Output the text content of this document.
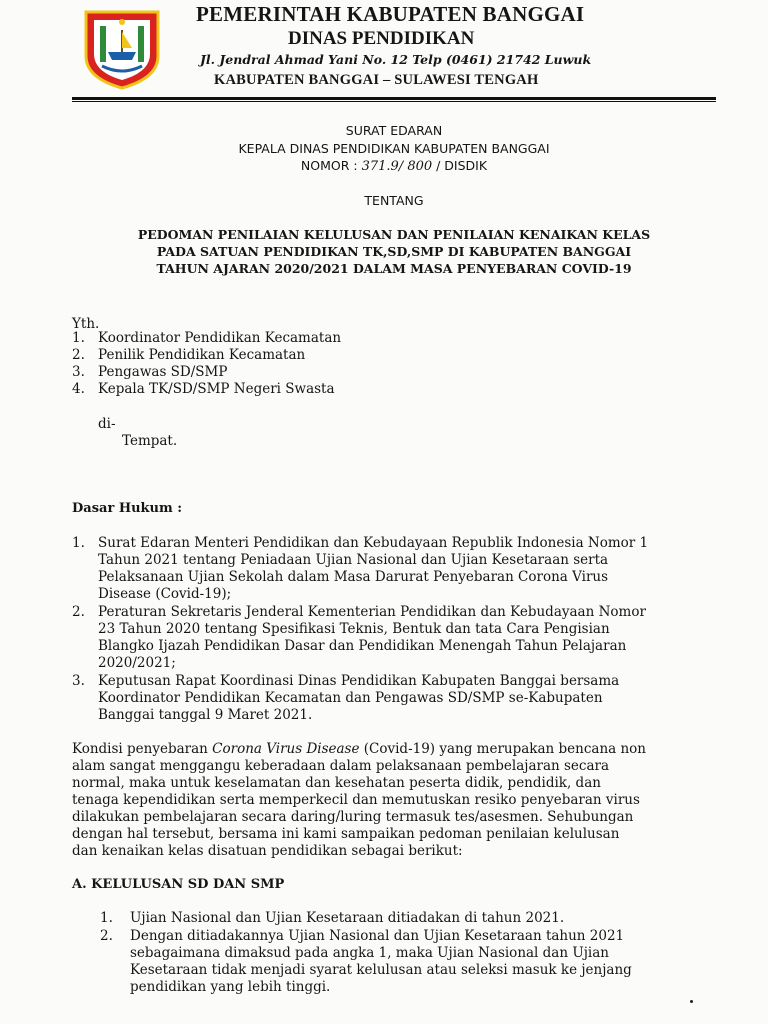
PEMERINTAH KABUPATEN BANGGAI
DINAS PENDIDIKAN
Jl. Jendral Ahmad Yani No. 12 Telp (0461) 21742 Luwuk
KABUPATEN BANGGAI – SULAWESI TENGAH
SURAT EDARAN
KEPALA DINAS PENDIDIKAN KABUPATEN BANGGAI
NOMOR : 371.9/ 800 / DISDIK
TENTANG
PEDOMAN PENILAIAN KELULUSAN DAN PENILAIAN KENAIKAN KELAS
PADA SATUAN PENDIDIKAN TK,SD,SMP DI KABUPATEN BANGGAI
TAHUN AJARAN 2020/2021 DALAM MASA PENYEBARAN COVID-19
Yth.
1. Koordinator Pendidikan Kecamatan
2. Penilik Pendidikan Kecamatan
3. Pengawas SD/SMP
4. Kepala TK/SD/SMP Negeri Swasta
di-
Tempat.
Dasar Hukum :
1. Surat Edaran Menteri Pendidikan dan Kebudayaan Republik Indonesia Nomor 1
Tahun 2021 tentang Peniadaan Ujian Nasional dan Ujian Kesetaraan serta
Pelaksanaan Ujian Sekolah dalam Masa Darurat Penyebaran Corona Virus
Disease (Covid-19);
2. Peraturan Sekretaris Jenderal Kementerian Pendidikan dan Kebudayaan Nomor
23 Tahun 2020 tentang Spesifikasi Teknis, Bentuk dan tata Cara Pengisian
Blangko Ijazah Pendidikan Dasar dan Pendidikan Menengah Tahun Pelajaran
2020/2021;
3. Keputusan Rapat Koordinasi Dinas Pendidikan Kabupaten Banggai bersama
Koordinator Pendidikan Kecamatan dan Pengawas SD/SMP se-Kabupaten
Banggai tanggal 9 Maret 2021.
Kondisi penyebaran Corona Virus Disease (Covid-19) yang merupakan bencana non
alam sangat menggangu keberadaan dalam pelaksanaan pembelajaran secara
normal, maka untuk keselamatan dan kesehatan peserta didik, pendidik, dan
tenaga kependidikan serta memperkecil dan memutuskan resiko penyebaran virus
dilakukan pembelajaran secara daring/luring termasuk tes/asesmen. Sehubungan
dengan hal tersebut, bersama ini kami sampaikan pedoman penilaian kelulusan
dan kenaikan kelas disatuan pendidikan sebagai berikut:
A. KELULUSAN SD DAN SMP
1. Ujian Nasional dan Ujian Kesetaraan ditiadakan di tahun 2021.
2. Dengan ditiadakannya Ujian Nasional dan Ujian Kesetaraan tahun 2021
sebagaimana dimaksud pada angka 1, maka Ujian Nasional dan Ujian
Kesetaraan tidak menjadi syarat kelulusan atau seleksi masuk ke jenjang
pendidikan yang lebih tinggi.
